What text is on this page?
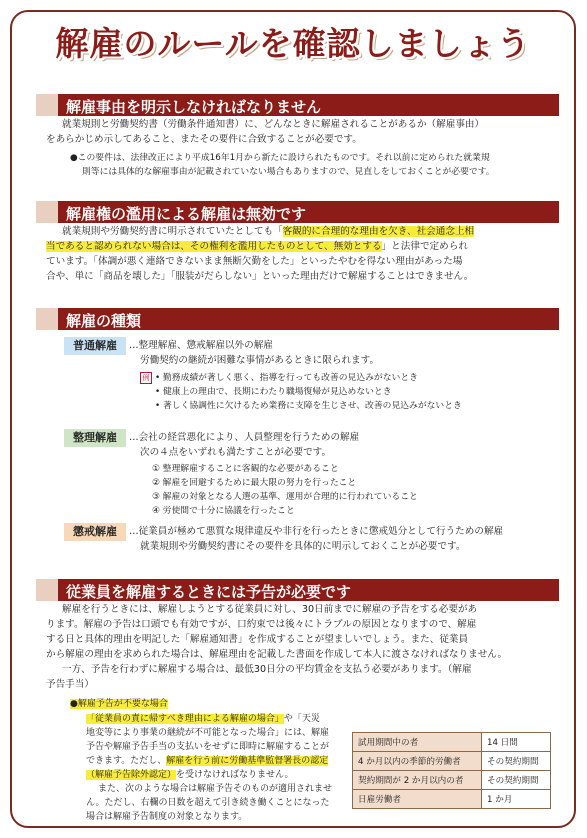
解雇のルールを確認しましょう
解雇事由を明示しなければなりません
就業規則と労働契約書（労働条件通知書）に、どんなときに解雇されることがあるか（解雇事由）
をあらかじめ示してあること、またその要件に合致することが必要です。
●この要件は、法律改正により平成16年1月から新たに設けられたものです。それ以前に定められた就業規
則等には具体的な解雇事由が記載されていない場合もありますので、見直しをしておくことが必要です。
解雇権の濫用による解雇は無効です
就業規則や労働契約書に明示されていたとしても「客観的に合理的な理由を欠き、社会通念上相
当であると認められない場合は、その権利を濫用したものとして、無効とする」と法律で定められ
ています。「体調が悪く連絡できないまま無断欠勤をした」といったやむを得ない理由があった場
合や、単に「商品を壊した」「服装がだらしない」といった理由だけで解雇することはできません。
解雇の種類
普通解雇	…整理解雇、懲戒解雇以外の解雇
労働契約の継続が困難な事情があるときに限られます。
例 • 勤務成績が著しく悪く、指導を行っても改善の見込みがないとき
• 健康上の理由で、長期にわたり職場復帰が見込めないとき
• 著しく協調性に欠けるため業務に支障を生じさせ、改善の見込みがないとき
整理解雇	…会社の経営悪化により、人員整理を行うための解雇
次の４点をいずれも満たすことが必要です。
① 整理解雇することに客観的な必要があること
② 解雇を回避するために最大限の努力を行ったこと
③ 解雇の対象となる人選の基準、運用が合理的に行われていること
④ 労使間で十分に協議を行ったこと
懲戒解雇	…従業員が極めて悪質な規律違反や非行を行ったときに懲戒処分として行うための解雇
就業規則や労働契約書にその要件を具体的に明示しておくことが必要です。
従業員を解雇するときには予告が必要です
解雇を行うときには、解雇しようとする従業員に対し、30日前までに解雇の予告をする必要があ
ります。解雇の予告は口頭でも有効ですが、口約束では後々にトラブルの原因となりますので、解雇
する日と具体的理由を明記した「解雇通知書」を作成することが望ましいでしょう。また、従業員
から解雇の理由を求められた場合は、解雇理由を記載した書面を作成して本人に渡さなければなりません。
一方、予告を行わずに解雇する場合は、最低30日分の平均賃金を支払う必要があります。（解雇
予告手当）
●解雇予告が不要な場合
「従業員の責に帰すべき理由による解雇の場合」や「天災
地変等により事業の継続が不可能となった場合」には、解雇
予告や解雇予告手当の支払いをせずに即時に解雇することが
できます。ただし、解雇を行う前に労働基準監督署長の認定
（解雇予告除外認定）を受けなければなりません。
また、次のような場合は解雇予告そのものが適用されませ
ん。ただし、右欄の日数を超えて引き続き働くことになった
場合は解雇予告制度の対象となります。
試用期間中の者	14 日間
4 か月以内の季節的労働者	その契約期間
契約期間が 2 か月以内の者	その契約期間
日雇労働者	1 か月
